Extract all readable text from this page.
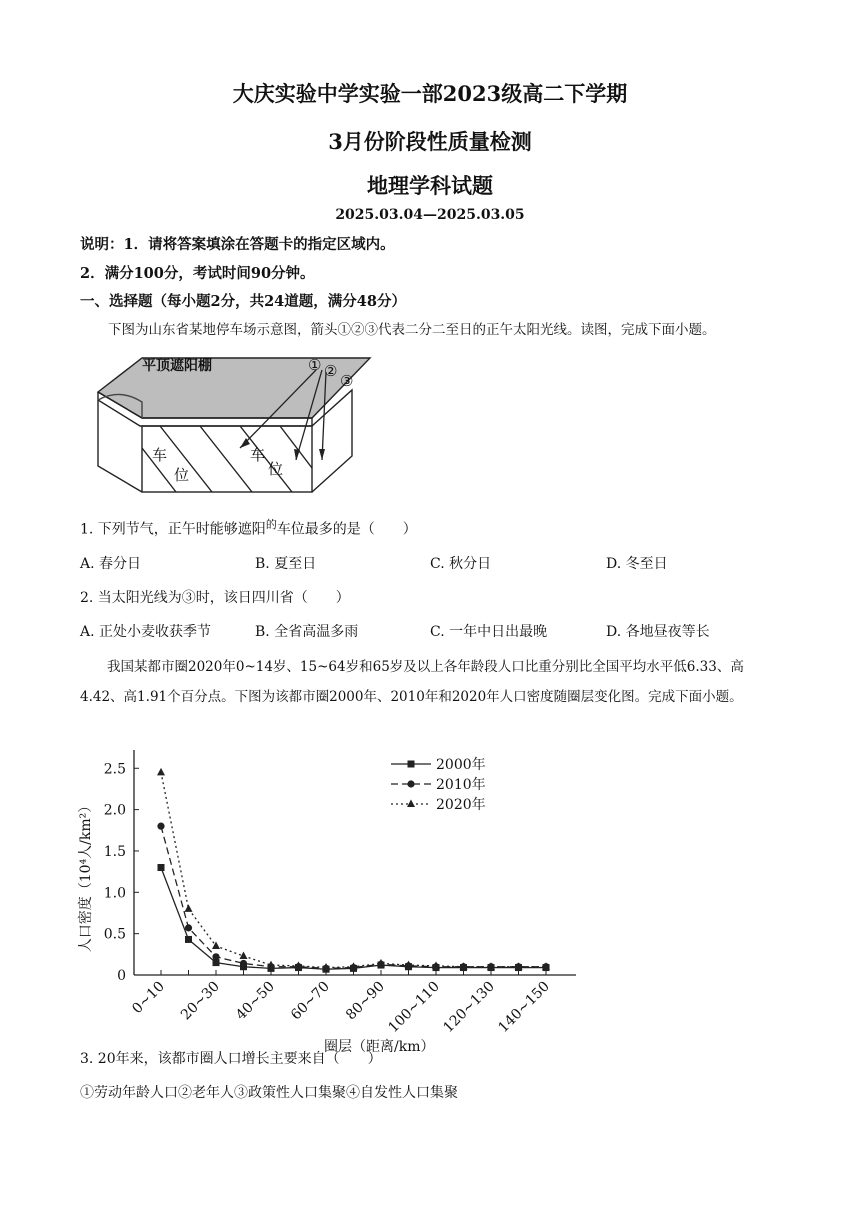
大庆实验中学实验一部2023级高二下学期
3月份阶段性质量检测
地理学科试题
2025.03.04—2025.03.05
说明：1．请将答案填涂在答题卡的指定区域内。
2．满分100分，考试时间90分钟。
一、选择题（每小题2分，共24道题，满分48分）
下图为山东省某地停车场示意图，箭头①②③代表二分二至日的正午太阳光线。读图，完成下面小题。
平顶遮阳棚	① ②
③
车
位
车
位
1. 下列节气，正午时能够遮阳$^的$车位最多的是（　　）
A. 春分日	B. 夏至日	C. 秋分日	D. 冬至日
2. 当太阳光线为③时，该日四川省（　　）
A. 正处小麦收获季节	B. 全省高温多雨	C. 一年中日出最晚	D. 各地昼夜等长
我国某都市圈2020年0~14岁、15~64岁和65岁及以上各年龄段人口比重分别比全国平均水平低6.33、高4.42、高1.91个百分点。下图为该都市圈2000年、2010年和2020年人口密度随圈层变化图。完成下面小题。
0
0.5
1.0
1.5
2.0
2.5
0~10 20~30 40~50 60~70 80~90
100~110
120~130
140~150
圈层（距离/km）
人口密度（10⁴人/km²）
2000年
2010年
2020年
3. 20年来，该都市圈人口增长主要来自（　　）
①劳动年龄人口②老年人③政策性人口集聚④自发性人口集聚
